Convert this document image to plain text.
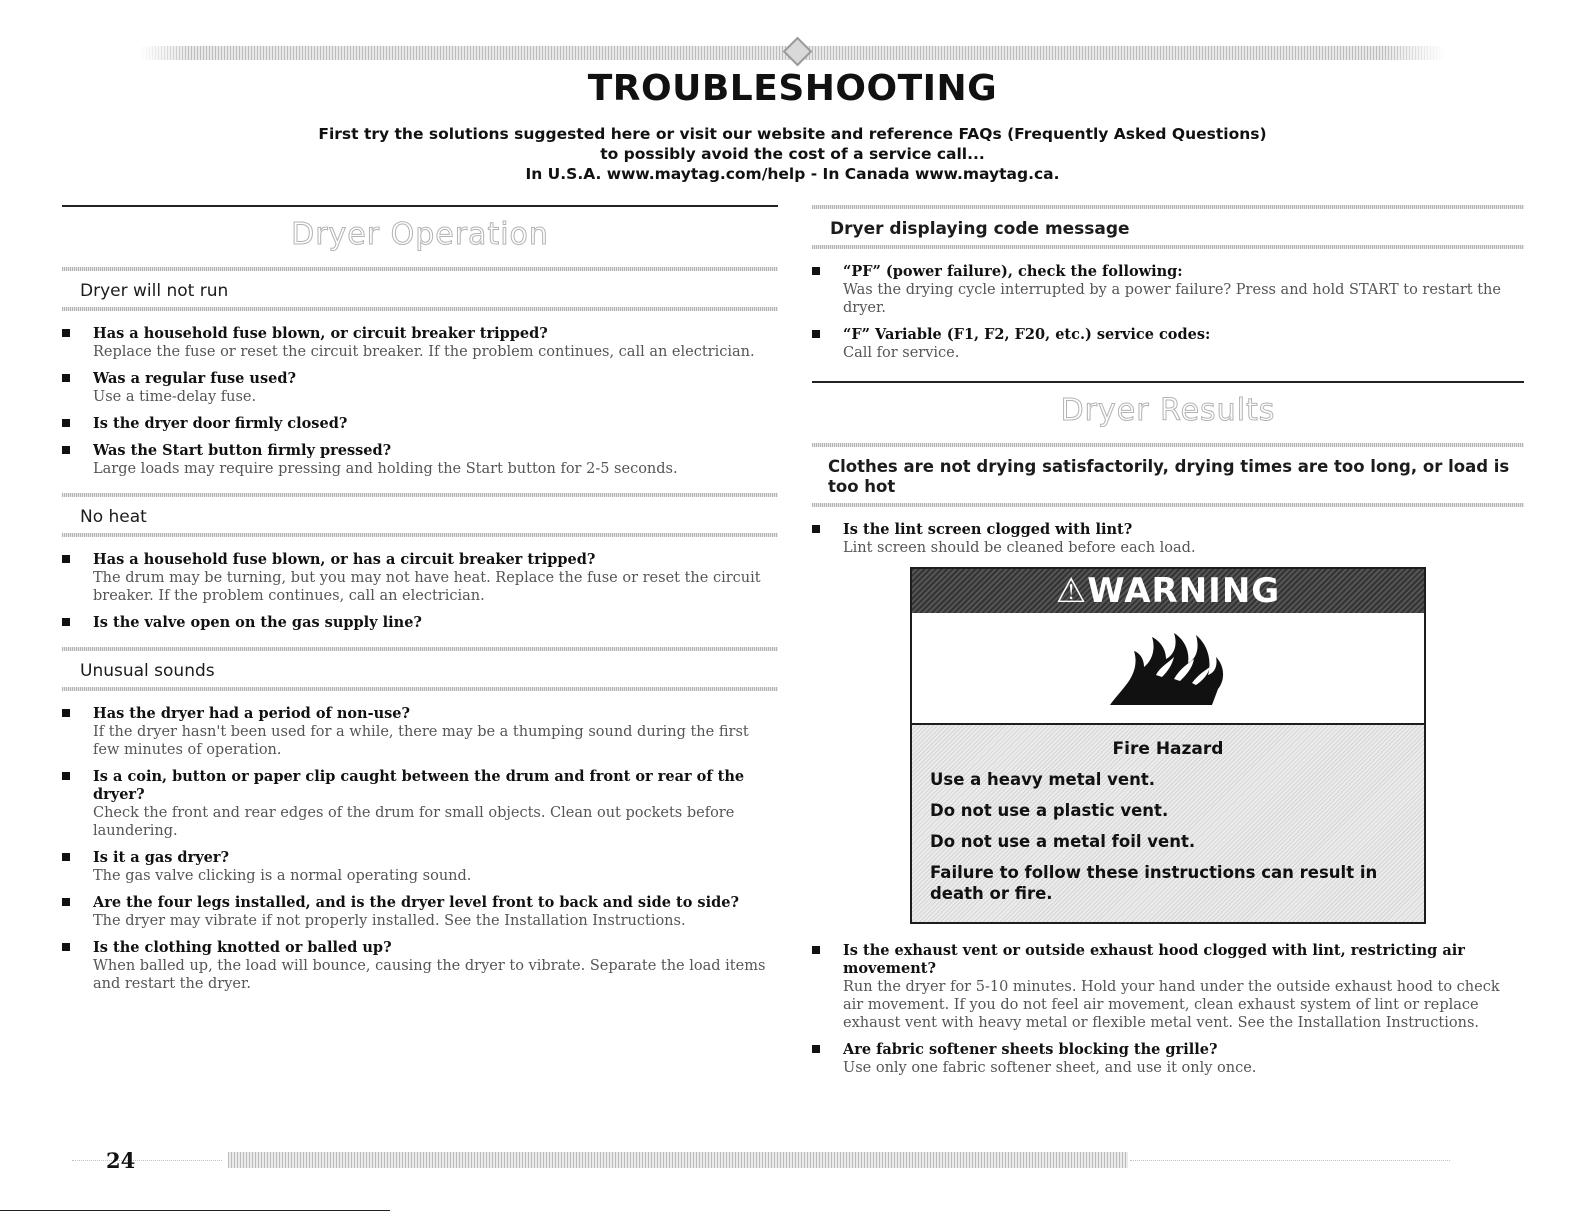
TROUBLESHOOTING
First try the solutions suggested here or visit our website and reference FAQs (Frequently Asked Questions)
to possibly avoid the cost of a service call...
In U.S.A. www.maytag.com/help - In Canada www.maytag.ca.
Dryer Operation
Dryer will not run
Has a household fuse blown, or circuit breaker tripped?
Replace the fuse or reset the circuit breaker. If the problem continues, call an electrician.
Was a regular fuse used?
Use a time-delay fuse.
Is the dryer door firmly closed?
Was the Start button firmly pressed?
Large loads may require pressing and holding the Start button for 2-5 seconds.
No heat
Has a household fuse blown, or has a circuit breaker tripped?
The drum may be turning, but you may not have heat. Replace the fuse or reset the circuit breaker. If the problem continues, call an electrician.
Is the valve open on the gas supply line?
Unusual sounds
Has the dryer had a period of non-use?
If the dryer hasn't been used for a while, there may be a thumping sound during the first few minutes of operation.
Is a coin, button or paper clip caught between the drum and front or rear of the dryer?
Check the front and rear edges of the drum for small objects. Clean out pockets before laundering.
Is it a gas dryer?
The gas valve clicking is a normal operating sound.
Are the four legs installed, and is the dryer level front to back and side to side?
The dryer may vibrate if not properly installed. See the Installation Instructions.
Is the clothing knotted or balled up?
When balled up, the load will bounce, causing the dryer to vibrate. Separate the load items and restart the dryer.
Dryer displaying code message
“PF” (power failure), check the following:
Was the drying cycle interrupted by a power failure? Press and hold START to restart the dryer.
“F” Variable (F1, F2, F20, etc.) service codes:
Call for service.
Dryer Results
Clothes are not drying satisfactorily, drying times are too long, or load is too hot
Is the lint screen clogged with lint?
Lint screen should be cleaned before each load.
⚠WARNING
Fire Hazard
Use a heavy metal vent.
Do not use a plastic vent.
Do not use a metal foil vent.
Failure to follow these instructions can result in death or fire.
Is the exhaust vent or outside exhaust hood clogged with lint, restricting air movement?
Run the dryer for 5-10 minutes. Hold your hand under the outside exhaust hood to check air movement. If you do not feel air movement, clean exhaust system of lint or replace exhaust vent with heavy metal or flexible metal vent. See the Installation Instructions.
Are fabric softener sheets blocking the grille?
Use only one fabric softener sheet, and use it only once.
24
